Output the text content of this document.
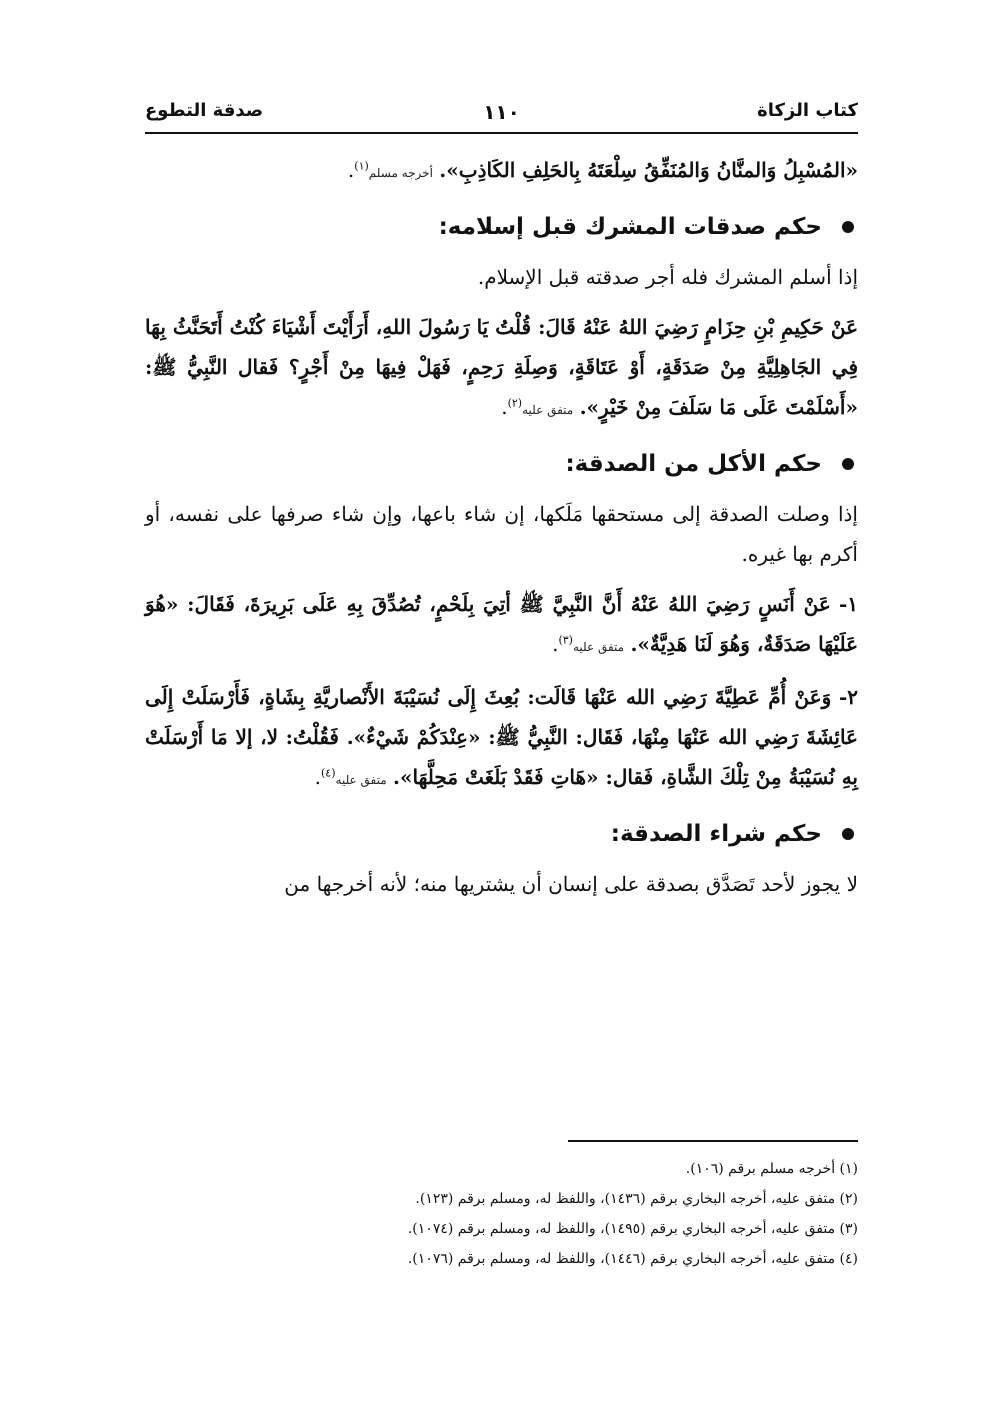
كتاب الزكاة
١١٠
صدقة التطوع

«المُسْبِلُ وَالمنَّانُ وَالمُنَفِّقُ سِلْعَتَهُ بِالحَلِفِ الكَاذِبِ». أخرجه مسلم$^{(١)}$.

حكم صدقات المشرك قبل إسلامه:

إذا أسلم المشرك فله أجر صدقته قبل الإسلام.

عَنْ حَكِيمِ بْنِ حِزَامٍ رَضِيَ اللهُ عَنْهُ قَالَ: قُلْتُ يَا رَسُولَ اللهِ، أَرَأَيْتَ أَشْيَاءَ كُنْتُ أَتَحَنَّثُ بِهَا فِي الجَاهِلِيَّةِ مِنْ صَدَقَةٍ، أَوْ عَتَاقَةٍ، وَصِلَةِ رَحِمٍ، فَهَلْ فِيهَا مِنْ أَجْرٍ؟ فَقال النَّبِيُّ ﷺ: «أَسْلَمْتَ عَلَى مَا سَلَفَ مِنْ خَيْرٍ». متفق عليه$^{(٢)}$.

حكم الأكل من الصدقة:

إذا وصلت الصدقة إلى مستحقها مَلَكها، إن شاء باعها، وإن شاء صرفها على نفسه، أو أكرم بها غيره.

١- عَنْ أَنَسٍ رَضِيَ اللهُ عَنْهُ أَنَّ النَّبِيَّ ﷺ أتِيَ بِلَحْمٍ، تُصُدِّقَ بِهِ عَلَى بَرِيرَةَ، فَقَالَ: «هُوَ عَلَيْهَا صَدَقَةٌ، وَهُوَ لَنَا هَدِيَّةٌ». متفق عليه$^{(٣)}$.

٢- وَعَنْ أُمِّ عَطِيَّةَ رَضِي الله عَنْهَا قَالَت: بُعِثَ إِلَى نُسَيْبَةَ الأَنْصاريَّةِ بِشَاةٍ، فَأَرْسَلَتْ إِلَى عَائِشَةَ رَضِي الله عَنْهَا مِنْهَا، فَقَال: النَّبِيُّ ﷺ: «عِنْدَكُمْ شَيْءٌ». فَقُلْتُ: لا، إلا مَا أَرْسَلَتْ بِهِ نُسَيْبَةُ مِنْ تِلْكَ الشَّاةِ، فَقال: «هَاتِ فَقَدْ بَلَغَتْ مَحِلَّهَا». متفق عليه$^{(٤)}$.

حكم شراء الصدقة:

لا يجوز لأحد تَصَدَّق بصدقة على إنسان أن يشتريها منه؛ لأنه أخرجها من

(١) أخرجه مسلم برقم (١٠٦).

(٢) متفق عليه، أخرجه البخاري برقم (١٤٣٦)، واللفظ له، ومسلم برقم (١٢٣).

(٣) متفق عليه، أخرجه البخاري برقم (١٤٩٥)، واللفظ له، ومسلم برقم (١٠٧٤).

(٤) متفق عليه، أخرجه البخاري برقم (١٤٤٦)، واللفظ له، ومسلم برقم (١٠٧٦).
